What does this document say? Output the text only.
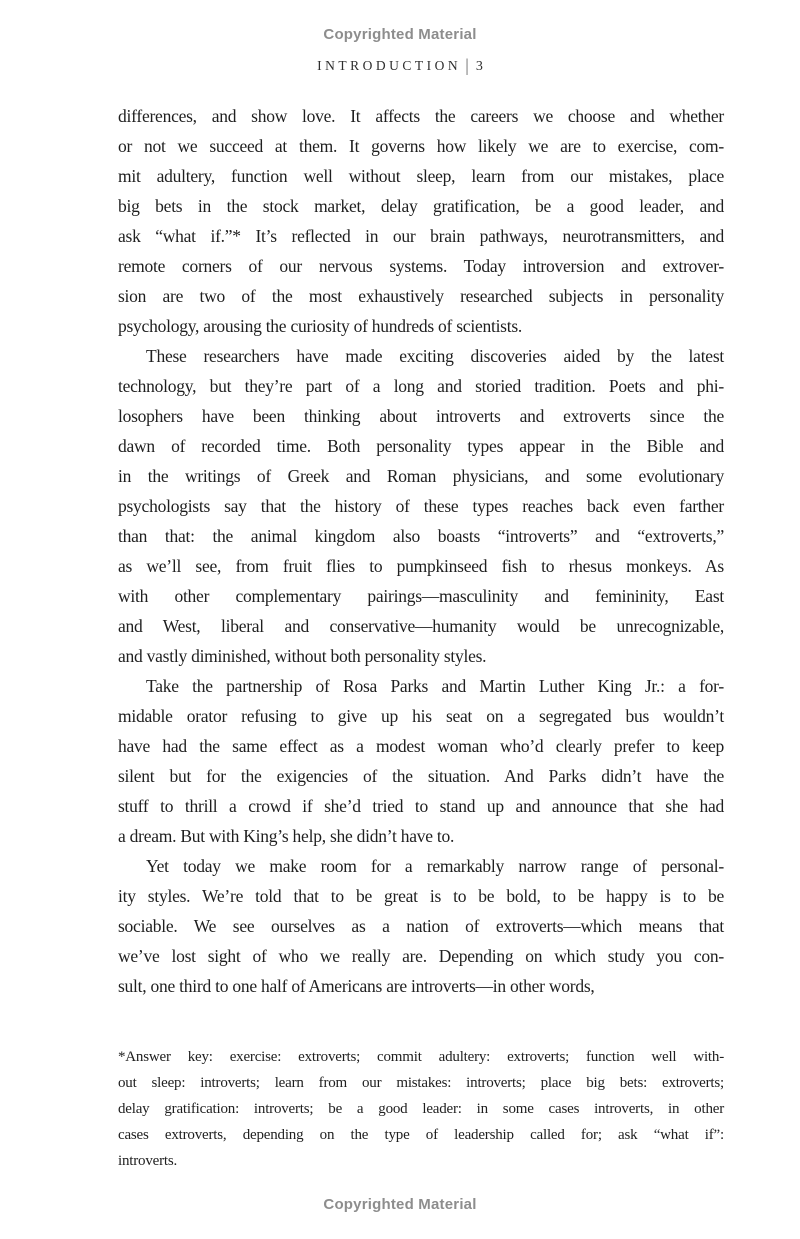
Copyrighted Material
INTRODUCTION | 3
differences, and show love. It affects the careers we choose and whether
or not we succeed at them. It governs how likely we are to exercise, com-
mit adultery, function well without sleep, learn from our mistakes, place
big bets in the stock market, delay gratification, be a good leader, and
ask “what if.”* It’s reflected in our brain pathways, neurotransmitters, and
remote corners of our nervous systems. Today introversion and extrover-
sion are two of the most exhaustively researched subjects in personality
psychology, arousing the curiosity of hundreds of scientists.
These researchers have made exciting discoveries aided by the latest
technology, but they’re part of a long and storied tradition. Poets and phi-
losophers have been thinking about introverts and extroverts since the
dawn of recorded time. Both personality types appear in the Bible and
in the writings of Greek and Roman physicians, and some evolutionary
psychologists say that the history of these types reaches back even farther
than that: the animal kingdom also boasts “introverts” and “extroverts,”
as we’ll see, from fruit flies to pumpkinseed fish to rhesus monkeys. As
with other complementary pairings—masculinity and femininity, East
and West, liberal and conservative—humanity would be unrecognizable,
and vastly diminished, without both personality styles.
Take the partnership of Rosa Parks and Martin Luther King Jr.: a for-
midable orator refusing to give up his seat on a segregated bus wouldn’t
have had the same effect as a modest woman who’d clearly prefer to keep
silent but for the exigencies of the situation. And Parks didn’t have the
stuff to thrill a crowd if she’d tried to stand up and announce that she had
a dream. But with King’s help, she didn’t have to.
Yet today we make room for a remarkably narrow range of personal-
ity styles. We’re told that to be great is to be bold, to be happy is to be
sociable. We see ourselves as a nation of extroverts—which means that
we’ve lost sight of who we really are. Depending on which study you con-
sult, one third to one half of Americans are introverts—in other words,
*Answer key: exercise: extroverts; commit adultery: extroverts; function well with-
out sleep: introverts; learn from our mistakes: introverts; place big bets: extroverts;
delay gratification: introverts; be a good leader: in some cases introverts, in other
cases extroverts, depending on the type of leadership called for; ask “what if”:
introverts.
Copyrighted Material
